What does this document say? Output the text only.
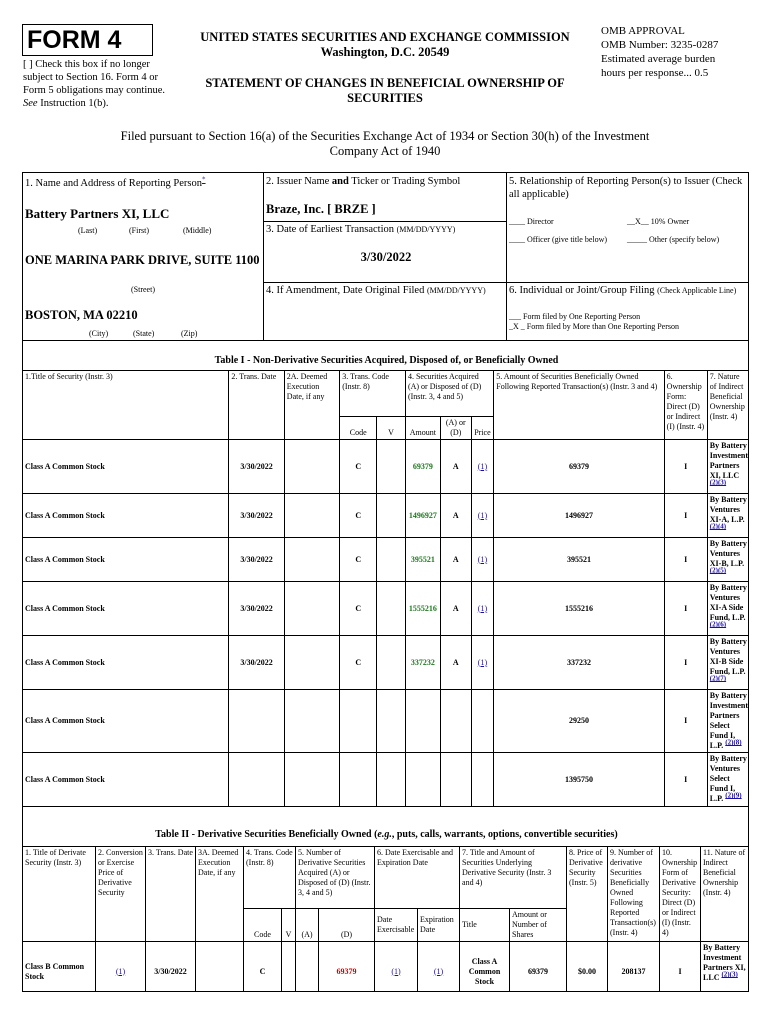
FORM 4
[ ] Check this box if no longer subject to Section 16. Form 4 or Form 5 obligations may continue. See Instruction 1(b).
UNITED STATES SECURITIES AND EXCHANGE COMMISSION
Washington, D.C. 20549
STATEMENT OF CHANGES IN BENEFICIAL OWNERSHIP OF SECURITIES
OMB APPROVAL
OMB Number: 3235-0287
Estimated average burden
hours per response... 0.5
Filed pursuant to Section 16(a) of the Securities Exchange Act of 1934 or Section 30(h) of the Investment Company Act of 1940
1. Name and Address of Reporting Person*
Battery Partners XI, LLC
(Last)	(First)	(Middle)
ONE MARINA PARK DRIVE, SUITE 1100
(Street)
BOSTON, MA 02210
(City)	(State)	(Zip)
2. Issuer Name and Ticker or Trading Symbol
Braze, Inc. [ BRZE ]
3. Date of Earliest Transaction (MM/DD/YYYY)
3/30/2022
4. If Amendment, Date Original Filed (MM/DD/YYYY)
5. Relationship of Reporting Person(s) to Issuer (Check all applicable)
____ Director	__X__ 10% Owner
____ Officer (give title below) _____ Other (specify below)
6. Individual or Joint/Group Filing (Check Applicable Line)
___ Form filed by One Reporting Person
_X _ Form filed by More than One Reporting Person
Table I - Non-Derivative Securities Acquired, Disposed of, or Beneficially Owned
1.Title of Security (Instr. 3)	2. Trans. Date	2A. Deemed Execution Date, if any	3. Trans. Code (Instr. 8)		4. Securities Acquired (A) or Disposed of (D) (Instr. 3, 4 and 5)			5. Amount of Securities Beneficially Owned Following Reported Transaction(s) (Instr. 3 and 4)	6. Ownership Form: Direct (D) or Indirect (I) (Instr. 4)	7. Nature of Indirect Beneficial Ownership (Instr. 4)
			Code	V	Amount	(A) or (D)	Price			
Class A Common Stock	3/30/2022		C		69379	A	(1)	69379	I	By Battery Investment Partners XI, LLC (2)(3)
Class A Common Stock	3/30/2022		C		1496927	A	(1)	1496927	I	By Battery Ventures XI-A, L.P. (2)(4)
Class A Common Stock	3/30/2022		C		395521	A	(1)	395521	I	By Battery Ventures XI-B, L.P. (2)(5)
Class A Common Stock	3/30/2022		C		1555216	A	(1)	1555216	I	By Battery Ventures XI-A Side Fund, L.P. (2)(6)
Class A Common Stock	3/30/2022		C		337232	A	(1)	337232	I	By Battery Ventures XI-B Side Fund, L.P. (2)(7)
Class A Common Stock								29250	I	By Battery Investment Partners Select Fund I, L.P. (2)(8)
Class A Common Stock								1395750	I	By Battery Ventures Select Fund I, L.P. (2)(9)
Table II - Derivative Securities Beneficially Owned (e.g., puts, calls, warrants, options, convertible securities)
1. Title of Derivate Security (Instr. 3)	2. Conversion or Exercise Price of Derivative Security	3. Trans. Date	3A. Deemed Execution Date, if any	4. Trans. Code (Instr. 8)		5. Number of Derivative Securities Acquired (A) or Disposed of (D) (Instr. 3, 4 and 5)		6. Date Exercisable and Expiration Date		7. Title and Amount of Securities Underlying Derivative Security (Instr. 3 and 4)		8. Price of Derivative Security (Instr. 5)	9. Number of derivative Securities Beneficially Owned Following Reported Transaction(s) (Instr. 4)	10. Ownership Form of Derivative Security: Direct (D) or Indirect (I) (Instr. 4)	11. Nature of Indirect Beneficial Ownership (Instr. 4)
				Code	V	(A)	(D)	Date Exercisable	Expiration Date	Title	Amount or Number of Shares				
Class B Common Stock	(1)	3/30/2022		C			69379	(1)	(1)	Class A Common Stock	69379	$0.00	208137	I	By Battery Investment Partners XI, LLC (2)(3)
